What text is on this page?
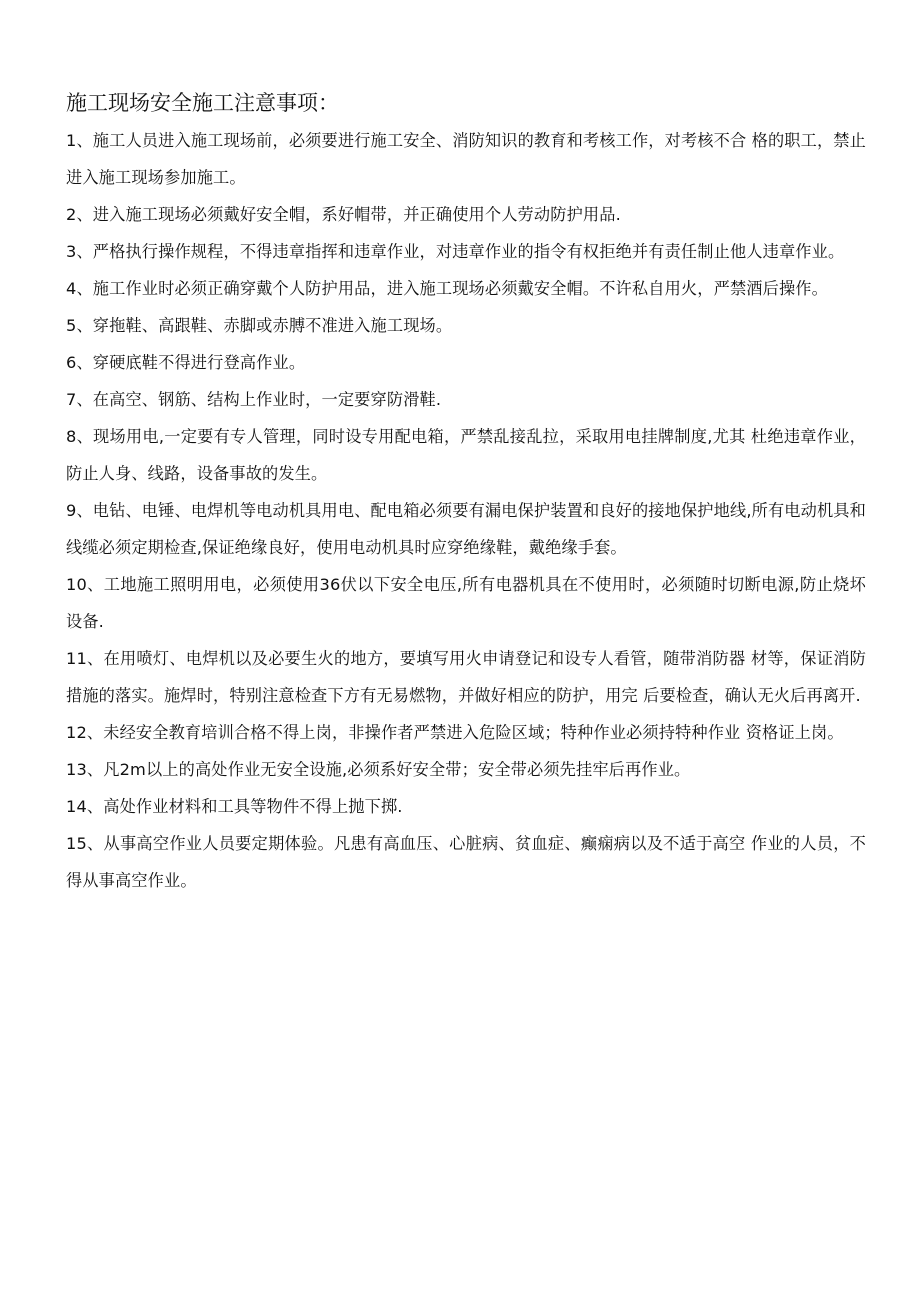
施工现场安全施工注意事项：
1、施工人员进入施工现场前，必须要进行施工安全、消防知识的教育和考核工作，对考核不合 格的职工，禁止进入施工现场参加施工。
2、进入施工现场必须戴好安全帽，系好帽带，并正确使用个人劳动防护用品.
3、严格执行操作规程，不得违章指挥和违章作业，对违章作业的指令有权拒绝并有责任制止他人违章作业。
4、施工作业时必须正确穿戴个人防护用品，进入施工现场必须戴安全帽。不许私自用火，严禁酒后操作。
5、穿拖鞋、高跟鞋、赤脚或赤膊不准进入施工现场。
6、穿硬底鞋不得进行登高作业。
7、在高空、钢筋、结构上作业时，一定要穿防滑鞋.
8、现场用电,一定要有专人管理，同时设专用配电箱，严禁乱接乱拉，采取用电挂牌制度,尤其 杜绝违章作业，防止人身、线路，设备事故的发生。
9、电钻、电锤、电焊机等电动机具用电、配电箱必须要有漏电保护装置和良好的接地保护地线,所有电动机具和线缆必须定期检查,保证绝缘良好，使用电动机具时应穿绝缘鞋，戴绝缘手套。
10、工地施工照明用电，必须使用36伏以下安全电压,所有电器机具在不使用时，必须随时切断电源,防止烧坏设备.
11、在用喷灯、电焊机以及必要生火的地方，要填写用火申请登记和设专人看管，随带消防器 材等，保证消防措施的落实。施焊时，特别注意检查下方有无易燃物，并做好相应的防护，用完 后要检查，确认无火后再离开.
12、未经安全教育培训合格不得上岗，非操作者严禁进入危险区域；特种作业必须持特种作业 资格证上岗。
13、凡2m以上的高处作业无安全设施,必须系好安全带；安全带必须先挂牢后再作业。
14、高处作业材料和工具等物件不得上抛下掷.
15、从事高空作业人员要定期体验。凡患有高血压、心脏病、贫血症、癫痫病以及不适于高空 作业的人员，不得从事高空作业。
